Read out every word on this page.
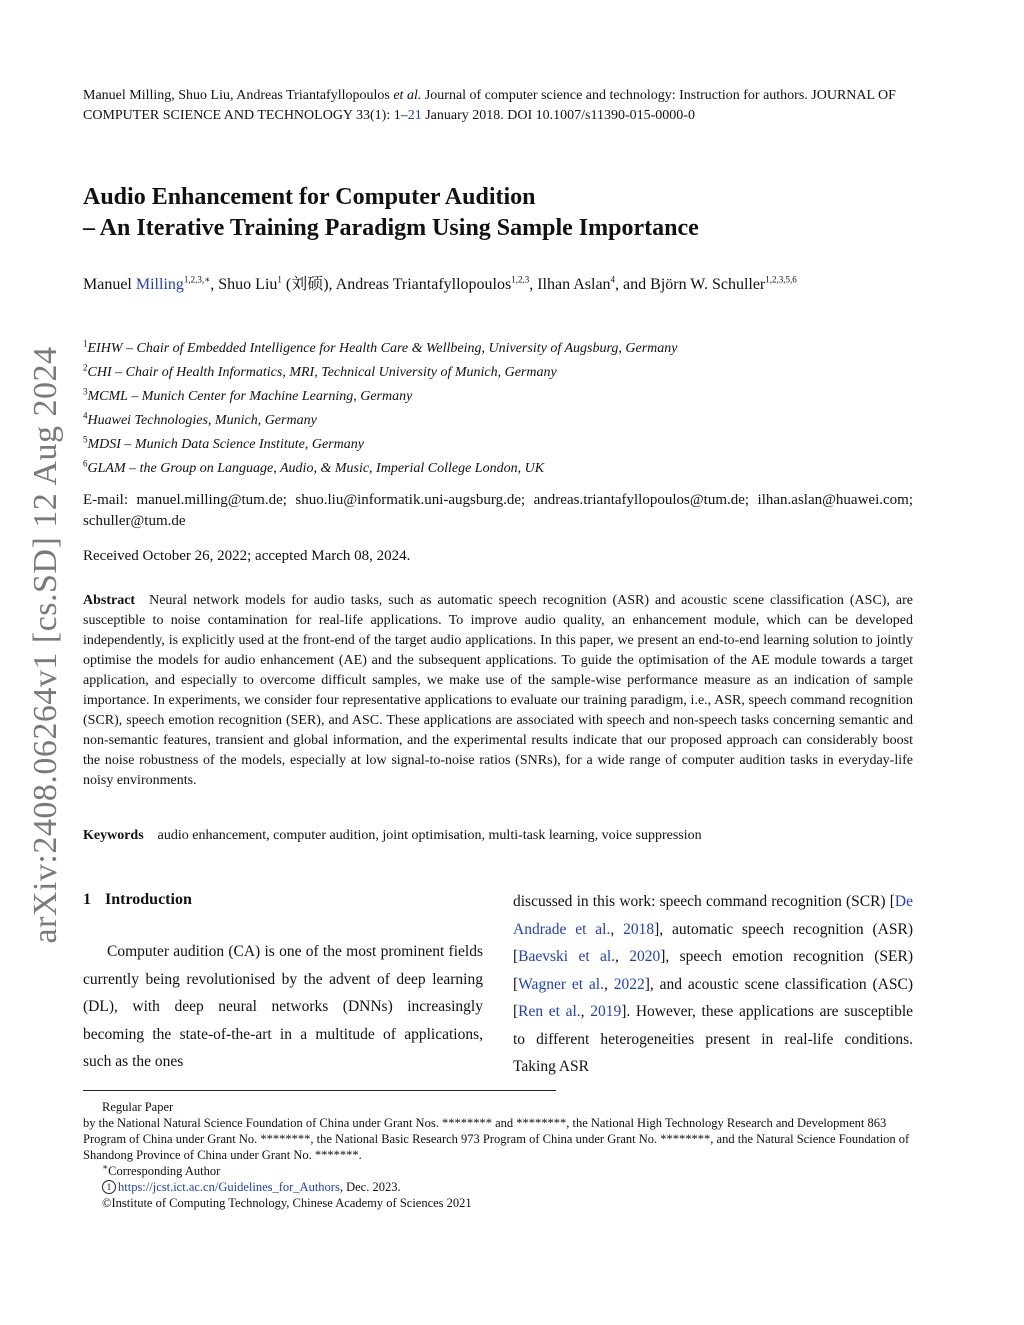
arXiv:2408.06264v1 [cs.SD] 12 Aug 2024
Manuel Milling, Shuo Liu, Andreas Triantafyllopoulos et al. Journal of computer science and technology: Instruction for authors. JOURNAL OF COMPUTER SCIENCE AND TECHNOLOGY 33(1): 1–21 January 2018. DOI 10.1007/s11390-015-0000-0
Audio Enhancement for Computer Audition
– An Iterative Training Paradigm Using Sample Importance
Manuel Milling$^{1,2,3,∗}$, Shuo Liu$^1$ (刘硕), Andreas Triantafyllopoulos$^{1,2,3}$, Ilhan Aslan$^4$, and Björn W. Schuller$^{1,2,3,5,6}$
$^1$EIHW – Chair of Embedded Intelligence for Health Care & Wellbeing, University of Augsburg, Germany
$^2$CHI – Chair of Health Informatics, MRI, Technical University of Munich, Germany
$^3$MCML – Munich Center for Machine Learning, Germany
$^4$Huawei Technologies, Munich, Germany
$^5$MDSI – Munich Data Science Institute, Germany
$^6$GLAM – the Group on Language, Audio, & Music, Imperial College London, UK
E-mail: manuel.milling@tum.de; shuo.liu@informatik.uni-augsburg.de; andreas.triantafyllopoulos@tum.de; ilhan.aslan@huawei.com; schuller@tum.de
Received October 26, 2022; accepted March 08, 2024.
Abstract Neural network models for audio tasks, such as automatic speech recognition (ASR) and acoustic scene classification (ASC), are susceptible to noise contamination for real-life applications. To improve audio quality, an enhancement module, which can be developed independently, is explicitly used at the front-end of the target audio applications. In this paper, we present an end-to-end learning solution to jointly optimise the models for audio enhancement (AE) and the subsequent applications. To guide the optimisation of the AE module towards a target application, and especially to overcome difficult samples, we make use of the sample-wise performance measure as an indication of sample importance. In experiments, we consider four representative applications to evaluate our training paradigm, i.e., ASR, speech command recognition (SCR), speech emotion recognition (SER), and ASC. These applications are associated with speech and non-speech tasks concerning semantic and non-semantic features, transient and global information, and the experimental results indicate that our proposed approach can considerably boost the noise robustness of the models, especially at low signal-to-noise ratios (SNRs), for a wide range of computer audition tasks in everyday-life noisy environments.
Keywords audio enhancement, computer audition, joint optimisation, multi-task learning, voice suppression
1 Introduction
Computer audition (CA) is one of the most prominent fields currently being revolutionised by the advent of deep learning (DL), with deep neural networks (DNNs) increasingly becoming the state-of-the-art in a multitude of applications, such as the ones
discussed in this work: speech command recognition (SCR) [De Andrade et al., 2018], automatic speech recognition (ASR) [Baevski et al., 2020], speech emotion recognition (SER) [Wagner et al., 2022], and acoustic scene classification (ASC) [Ren et al., 2019]. However, these applications are susceptible to different heterogeneities present in real-life conditions. Taking ASR
Regular Paper
by the National Natural Science Foundation of China under Grant Nos. ******** and ********, the National High Technology Research and Development 863 Program of China under Grant No. ********, the National Basic Research 973 Program of China under Grant No. ********, and the Natural Science Foundation of Shandong Province of China under Grant No. *******.
∗Corresponding Author
1 https://jcst.ict.ac.cn/Guidelines_for_Authors, Dec. 2023.
©Institute of Computing Technology, Chinese Academy of Sciences 2021
